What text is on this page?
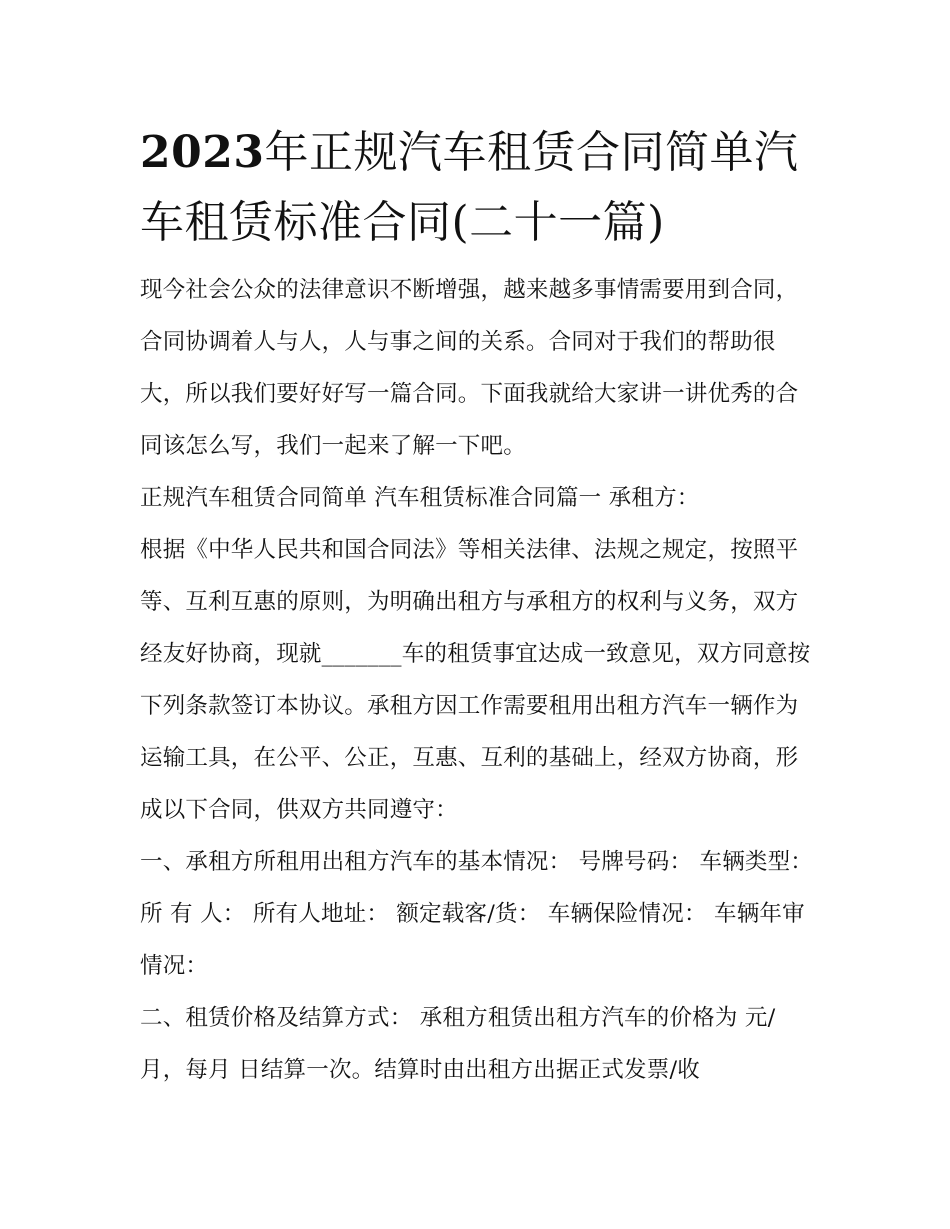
2023年正规汽车租赁合同简单汽车租赁标准合同(二十一篇)

现今社会公众的法律意识不断增强，越来越多事情需要用到合同，合同协调着人与人，人与事之间的关系。合同对于我们的帮助很大，所以我们要好好写一篇合同。下面我就给大家讲一讲优秀的合同该怎么写，我们一起来了解一下吧。

正规汽车租赁合同简单 汽车租赁标准合同篇一 承租方：

根据《中华人民共和国合同法》等相关法律、法规之规定，按照平等、互利互惠的原则，为明确出租方与承租方的权利与义务，双方经友好协商，现就_______车的租赁事宜达成一致意见，双方同意按下列条款签订本协议。承租方因工作需要租用出租方汽车一辆作为运输工具，在公平、公正，互惠、互利的基础上，经双方协商，形成以下合同，供双方共同遵守：

一、承租方所租用出租方汽车的基本情况： 号牌号码： 车辆类型： 所 有 人： 所有人地址： 额定载客/货： 车辆保险情况： 车辆年审情况：

二、租赁价格及结算方式： 承租方租赁出租方汽车的价格为 元/月，每月 日结算一次。结算时由出租方出据正式发票/收
